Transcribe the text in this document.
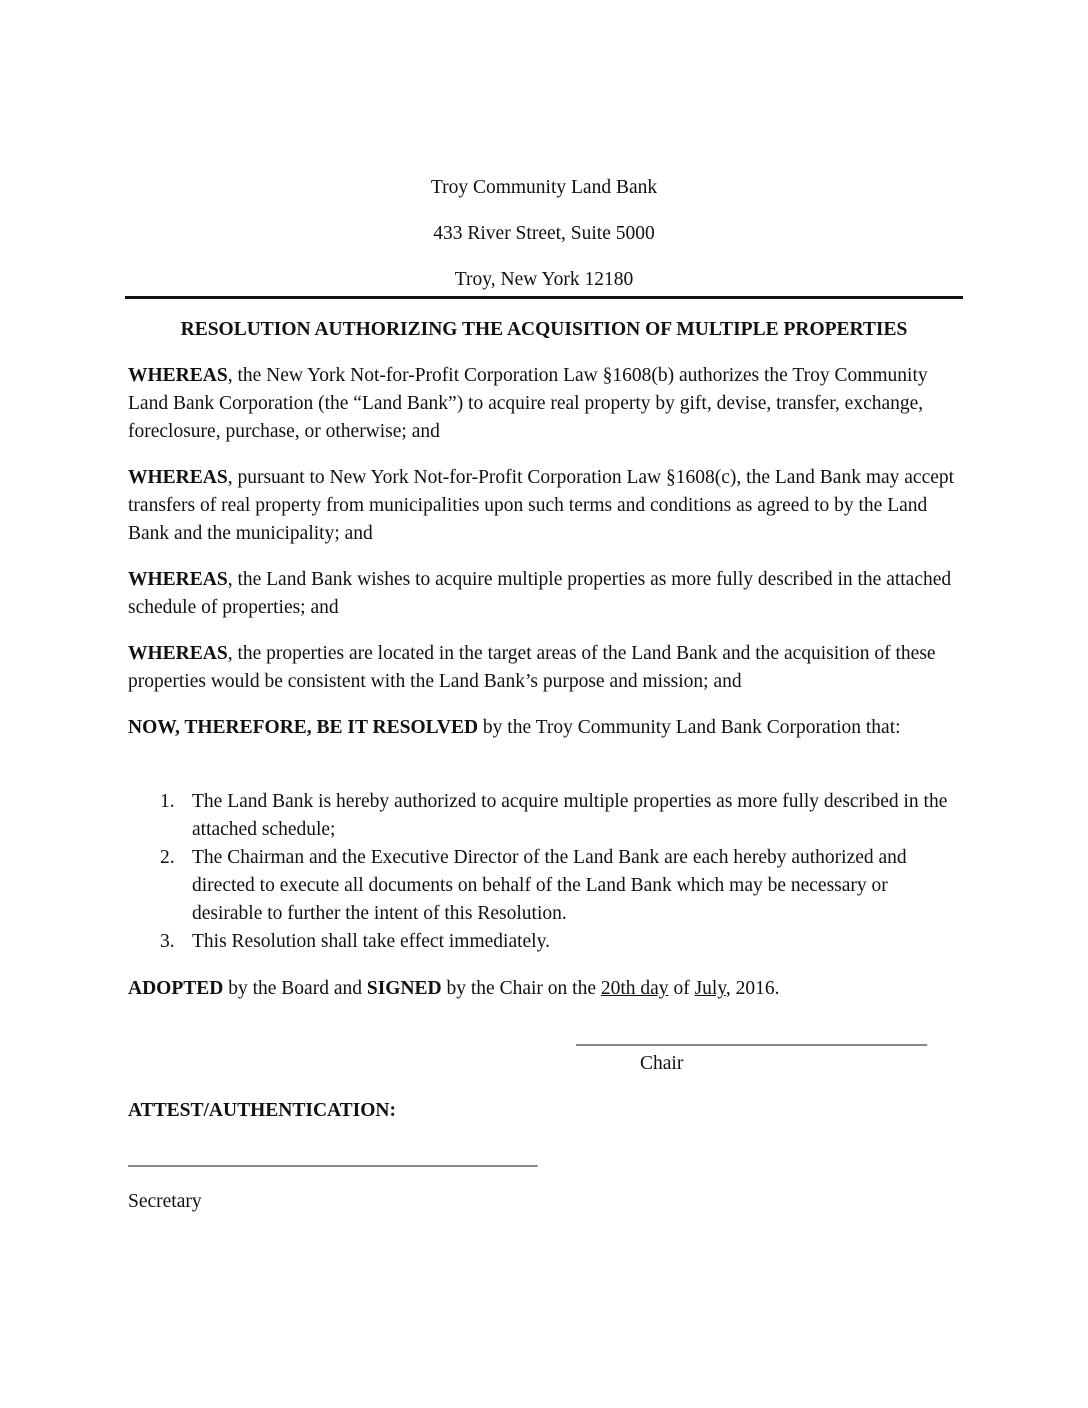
Troy Community Land Bank
433 River Street, Suite 5000
Troy, New York 12180
RESOLUTION AUTHORIZING THE ACQUISITION OF MULTIPLE PROPERTIES
WHEREAS, the New York Not-for-Profit Corporation Law §1608(b) authorizes the Troy Community Land Bank Corporation (the “Land Bank”) to acquire real property by gift, devise, transfer, exchange, foreclosure, purchase, or otherwise; and
WHEREAS, pursuant to New York Not-for-Profit Corporation Law §1608(c), the Land Bank may accept transfers of real property from municipalities upon such terms and conditions as agreed to by the Land Bank and the municipality; and
WHEREAS, the Land Bank wishes to acquire multiple properties as more fully described in the attached schedule of properties; and
WHEREAS, the properties are located in the target areas of the Land Bank and the acquisition of these properties would be consistent with the Land Bank’s purpose and mission; and
NOW, THEREFORE, BE IT RESOLVED by the Troy Community Land Bank Corporation that:
1. The Land Bank is hereby authorized to acquire multiple properties as more fully described in the attached schedule;
2. The Chairman and the Executive Director of the Land Bank are each hereby authorized and directed to execute all documents on behalf of the Land Bank which may be necessary or desirable to further the intent of this Resolution.
3. This Resolution shall take effect immediately.
ADOPTED by the Board and SIGNED by the Chair on the 20th day of July, 2016.
____________________________________
Chair
ATTEST/AUTHENTICATION:
__________________________________________
Secretary
